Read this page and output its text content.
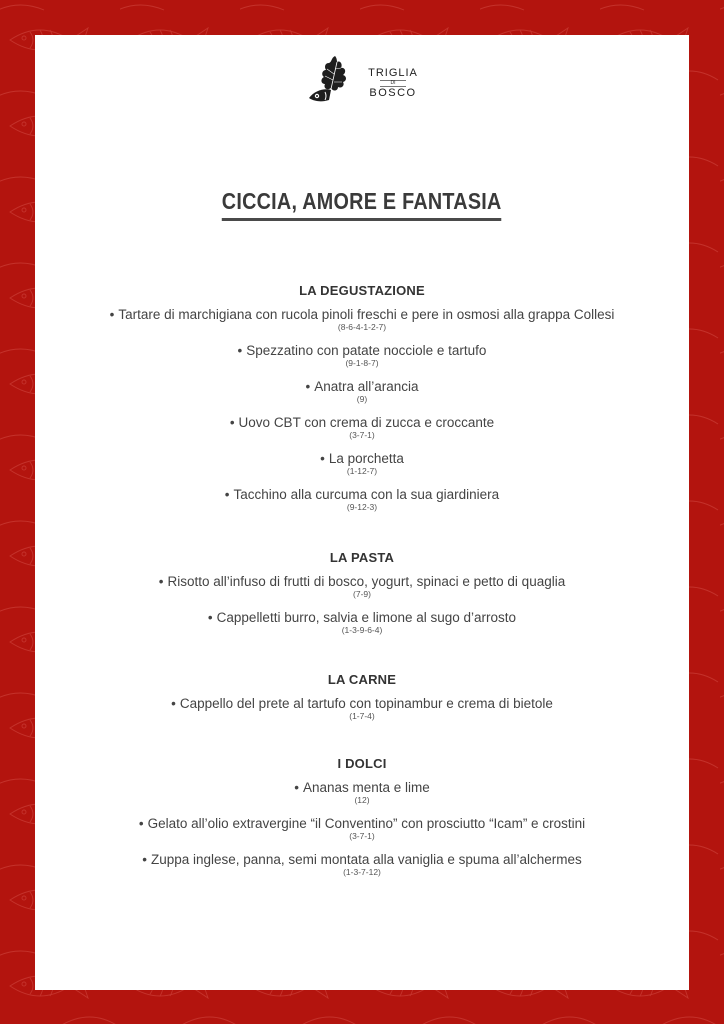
TRIGLIA
DI
BOSCO
CICCIA, AMORE E FANTASIA
LA DEGUSTAZIONE
• Tartare di marchigiana con rucola pinoli freschi e pere in osmosi alla grappa Collesi
(8-6-4-1-2-7)
• Spezzatino con patate nocciole e tartufo
(9-1-8-7)
• Anatra all’arancia
(9)
• Uovo CBT con crema di zucca e croccante
(3-7-1)
• La porchetta
(1-12-7)
• Tacchino alla curcuma con la sua giardiniera
(9-12-3)
LA PASTA
• Risotto all’infuso di frutti di bosco, yogurt, spinaci e petto di quaglia
(7-9)
• Cappelletti burro, salvia e limone al sugo d’arrosto
(1-3-9-6-4)
LA CARNE
• Cappello del prete al tartufo con topinambur e crema di bietole
(1-7-4)
I DOLCI
• Ananas menta e lime
(12)
• Gelato all’olio extravergine “il Conventino” con prosciutto “Icam” e crostini
(3-7-1)
• Zuppa inglese, panna, semi montata alla vaniglia e spuma all’alchermes
(1-3-7-12)
